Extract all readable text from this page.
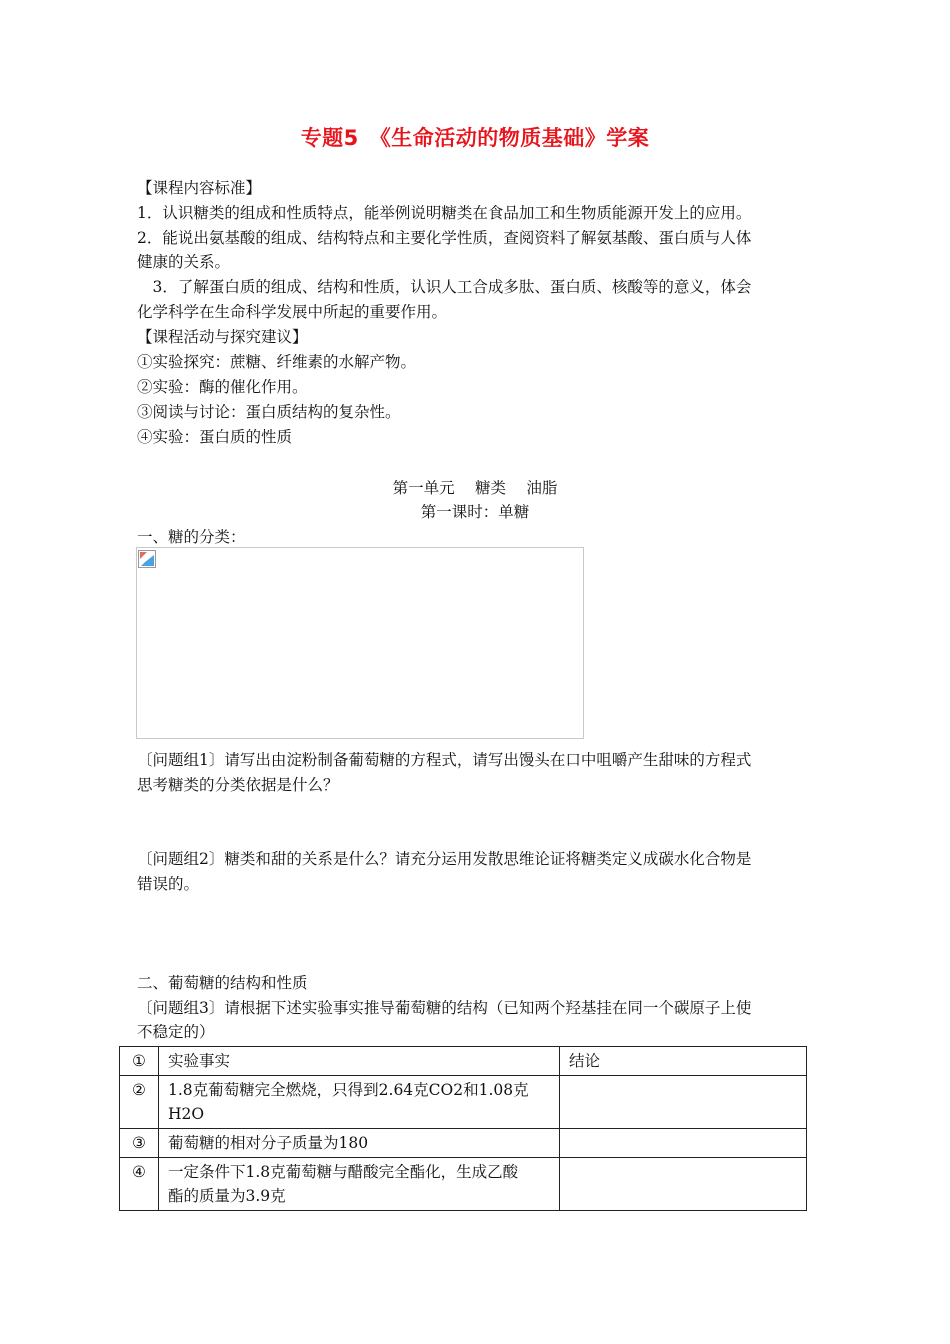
专题5　《生命活动的物质基础》学案
【课程内容标准】
1．认识糖类的组成和性质特点，能举例说明糖类在食品加工和生物质能源开发上的应用。
2．能说出氨基酸的组成、结构特点和主要化学性质，查阅资料了解氨基酸、蛋白质与人体
健康的关系。
　3．了解蛋白质的组成、结构和性质，认识人工合成多肽、蛋白质、核酸等的意义，体会
化学科学在生命科学发展中所起的重要作用。
【课程活动与探究建议】
①实验探究：蔗糖、纤维素的水解产物。
②实验：酶的催化作用。
③阅读与讨论：蛋白质结构的复杂性。
④实验：蛋白质的性质
第一单元　 糖类　 油脂
第一课时：单糖
一、糖的分类：
〔问题组1〕请写出由淀粉制备葡萄糖的方程式，请写出馒头在口中咀嚼产生甜味的方程式
思考糖类的分类依据是什么？
〔问题组2〕糖类和甜的关系是什么？请充分运用发散思维论证将糖类定义成碳水化合物是
错误的。
二、葡萄糖的结构和性质
〔问题组3〕请根据下述实验事实推导葡萄糖的结构（已知两个羟基挂在同一个碳原子上使
不稳定的）
①	实验事实	结论
②	1.8克葡萄糖完全燃烧，只得到2.64克CO2和1.08克
H2O	

③	葡萄糖的相对分子质量为180	

④	一定条件下1.8克葡萄糖与醋酸完全酯化，生成乙酸
酯的质量为3.9克	
